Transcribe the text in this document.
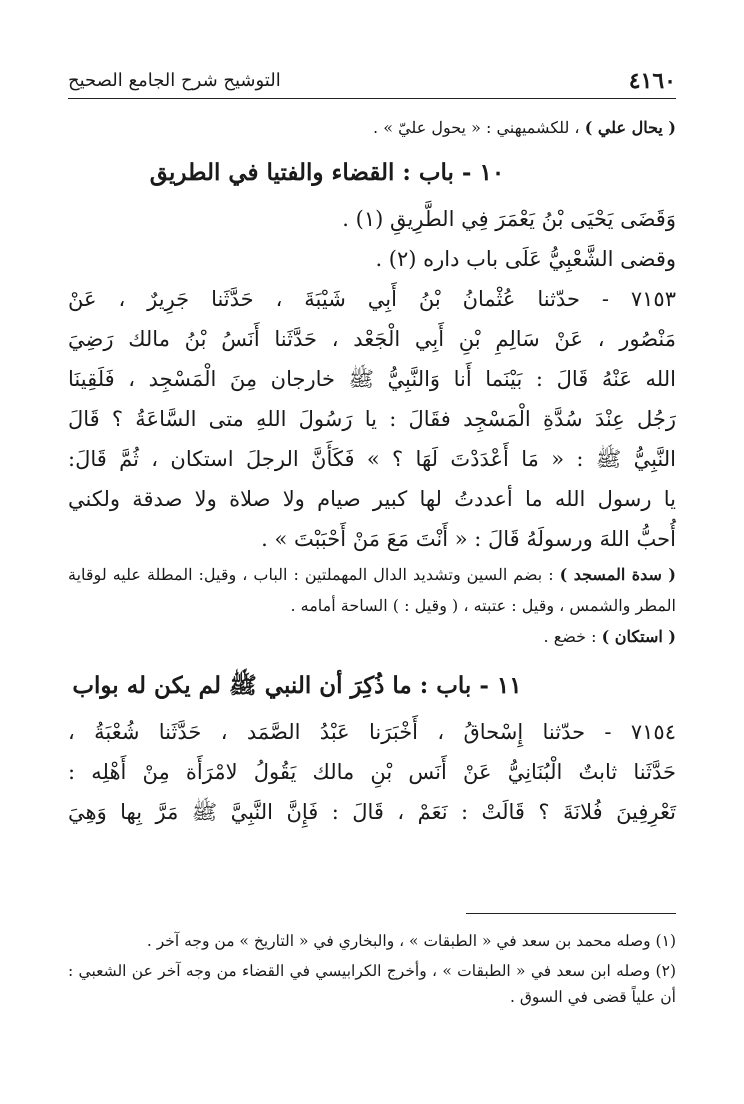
٤١٦٠
التوشيح شرح الجامع الصحيح

( يحال علي ) ، للكشميهني : « يحول عليّ » .

١٠ - باب : القضاء والفتيا في الطريق
وَقَضَى يَحْيَى بْنُ يَعْمَرَ فِي الطَّرِيقِ (١) .
وقضى الشَّعْبِيُّ عَلَى باب داره (٢) .
٧١٥٣ - حدّثنا عُثْمانُ بْنُ أَبِي شَيْبَةَ ، حَدَّثَنا جَرِيرٌ ، عَنْ
مَنْصُور ، عَنْ سَالِمِ بْنِ أَبِي الْجَعْد ، حَدَّثَنا أَنَسُ بْنُ مالك رَضِيَ
الله عَنْهُ قَالَ : بَيْنَما أَنا وَالنَّبِيُّ ﷺ خارجان مِنَ الْمَسْجِد ، فَلَقِينَا
رَجُل عِنْدَ سُدَّةِ الْمَسْجِد فقَالَ : يا رَسُولَ اللهِ متى السَّاعَةُ ؟ قَالَ
النَّبِيُّ ﷺ : « مَا أَعْدَدْتَ لَهَا ؟ » فَكَأَنَّ الرجلَ استكان ، ثُمَّ قَالَ:
يا رسول الله ما أعددتُ لها كبير صيام ولا صلاة ولا صدقة ولكني
أُحبُّ اللهَ ورسولَهُ قَالَ : « أَنْتَ مَعَ مَنْ أَحْبَبْتَ » .

( سدة المسجد ) : بضم السين وتشديد الدال المهملتين : الباب ، وقيل: المطلة عليه لوقاية المطر والشمس ، وقيل : عتبته ، ( وقيل : ) الساحة أمامه .

( استكان ) : خضع .

١١ - باب : ما ذُكِرَ أن النبي ﷺ لم يكن له بواب
٧١٥٤ - حدّثنا إِسْحاقُ ، أَخْبَرَنا عَبْدُ الصَّمَد ، حَدَّثَنا شُعْبَةُ ،
حَدَّثَنا ثابتٌ الْبُنَانِيُّ عَنْ أَنَس بْنِ مالك يَقُولُ لامْرَأَة مِنْ أَهْلِه :
تَعْرِفِينَ فُلانَةَ ؟ قَالَتْ : نَعَمْ ، قَالَ : فَإِنَّ النَّبِيَّ ﷺ مَرَّ بِها وَهِيَ
(١) وصله محمد بن سعد في « الطبقات » ، والبخاري في « التاريخ » من وجه آخر .
(٢) وصله ابن سعد في « الطبقات » ، وأخرج الكرابيسي في القضاء من وجه آخر عن الشعبي : أن علياً قضى في السوق .
